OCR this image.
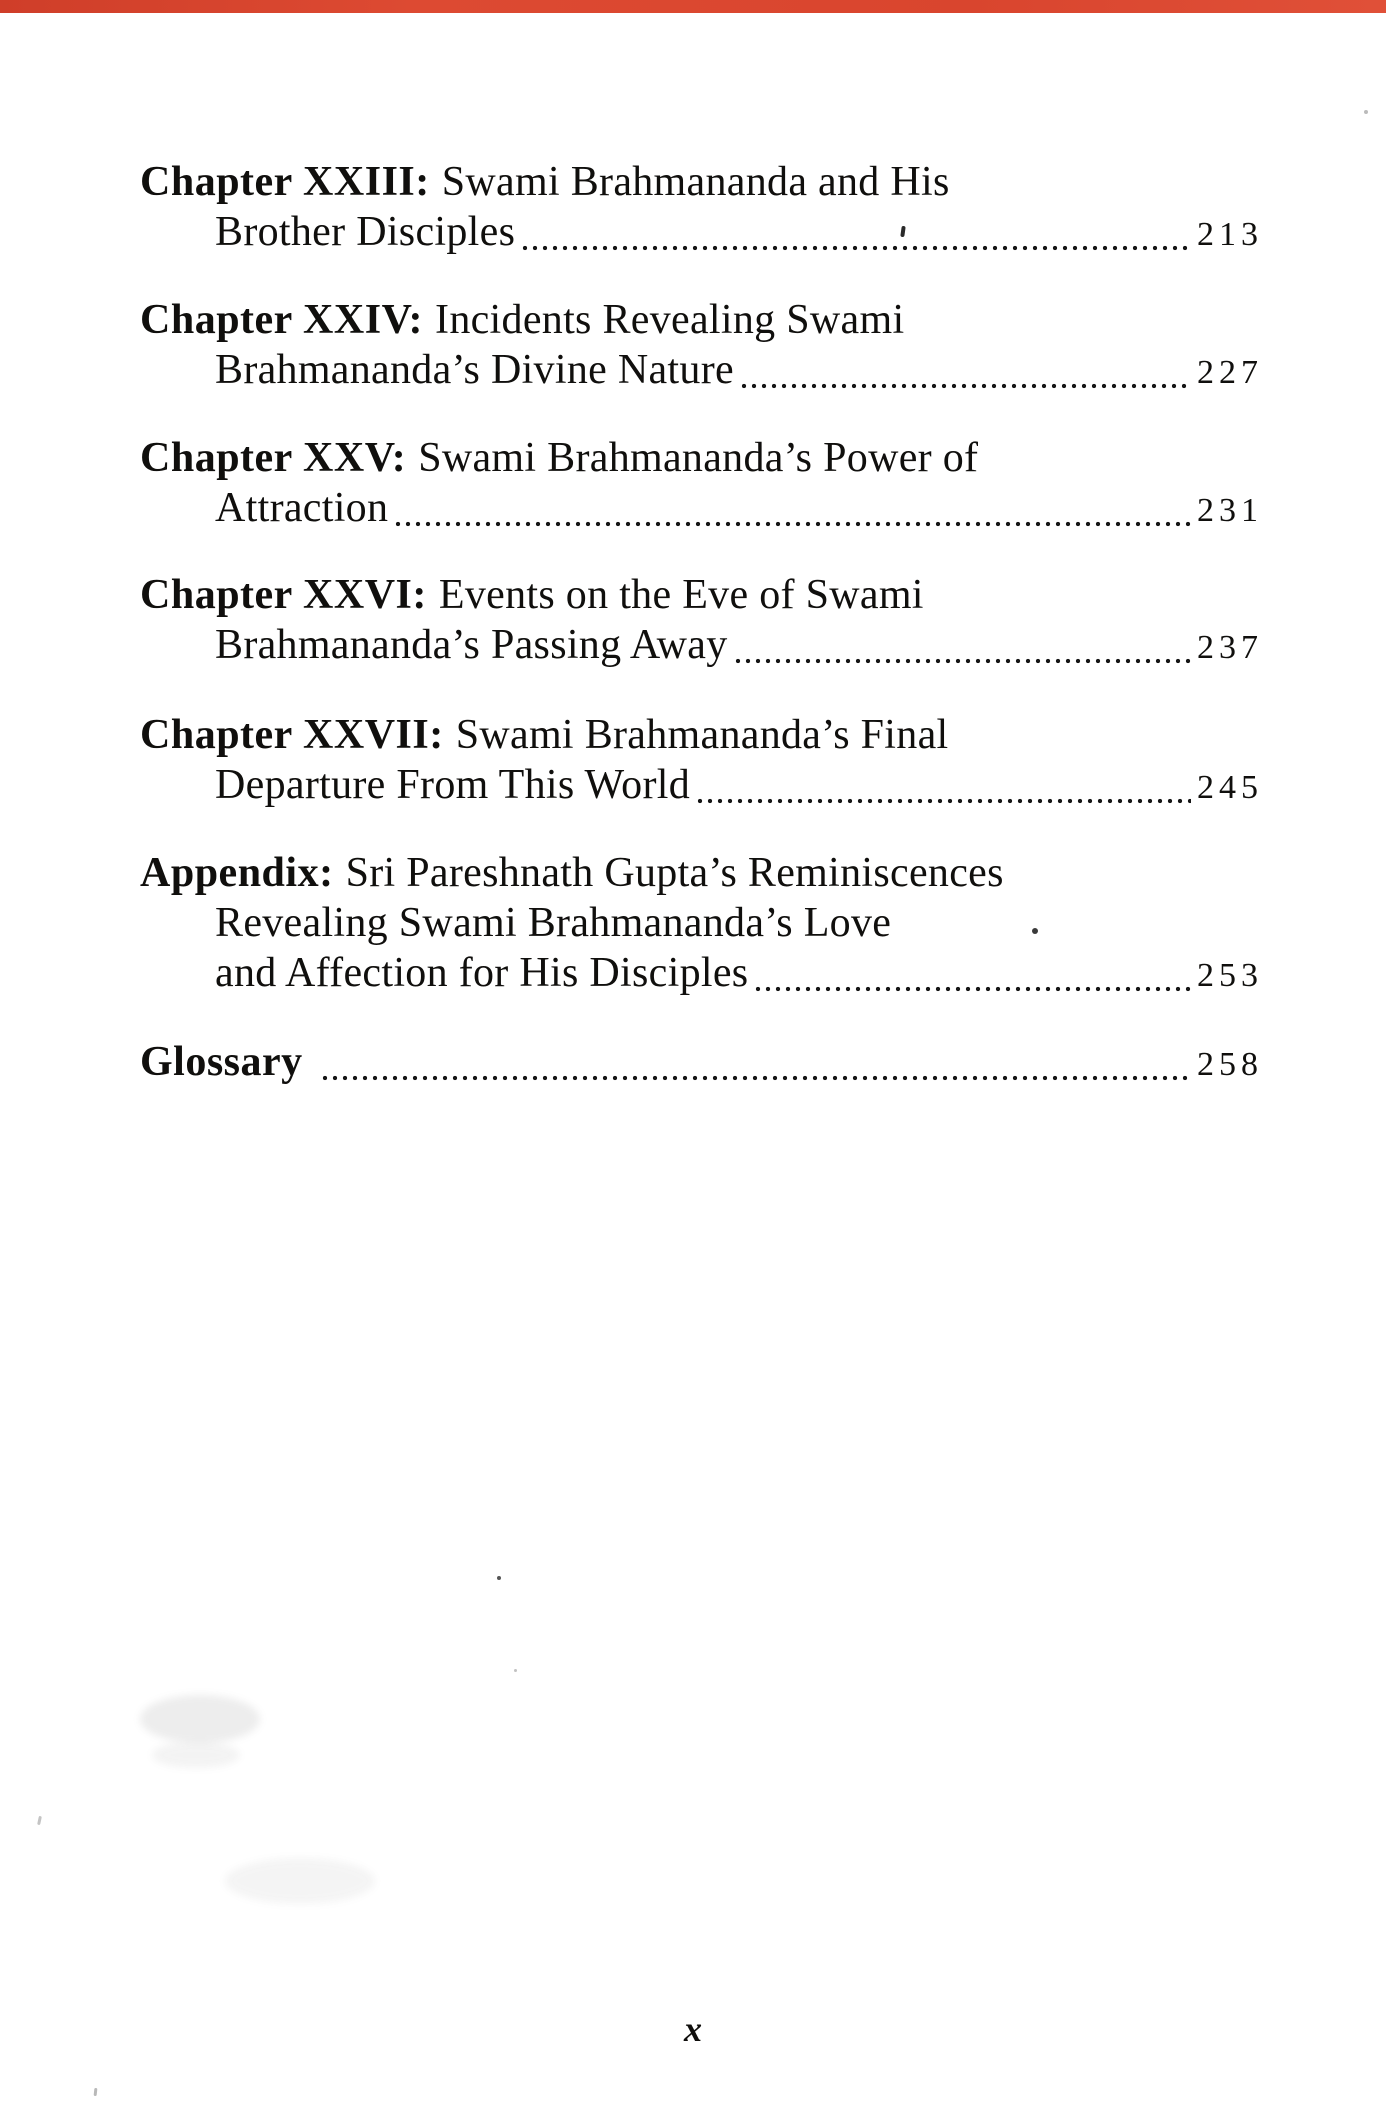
Chapter XXIII: Swami Brahmananda and His
Brother Disciples	213
Chapter XXIV: Incidents Revealing Swami
Brahmananda’s Divine Nature	227
Chapter XXV: Swami Brahmananda’s Power of
Attraction	231
Chapter XXVI: Events on the Eve of Swami
Brahmananda’s Passing Away	237
Chapter XXVII: Swami Brahmananda’s Final
Departure From This World	245
Appendix: Sri Pareshnath Gupta’s Reminiscences
Revealing Swami Brahmananda’s Love
and Affection for His Disciples	253
Glossary	258
x
